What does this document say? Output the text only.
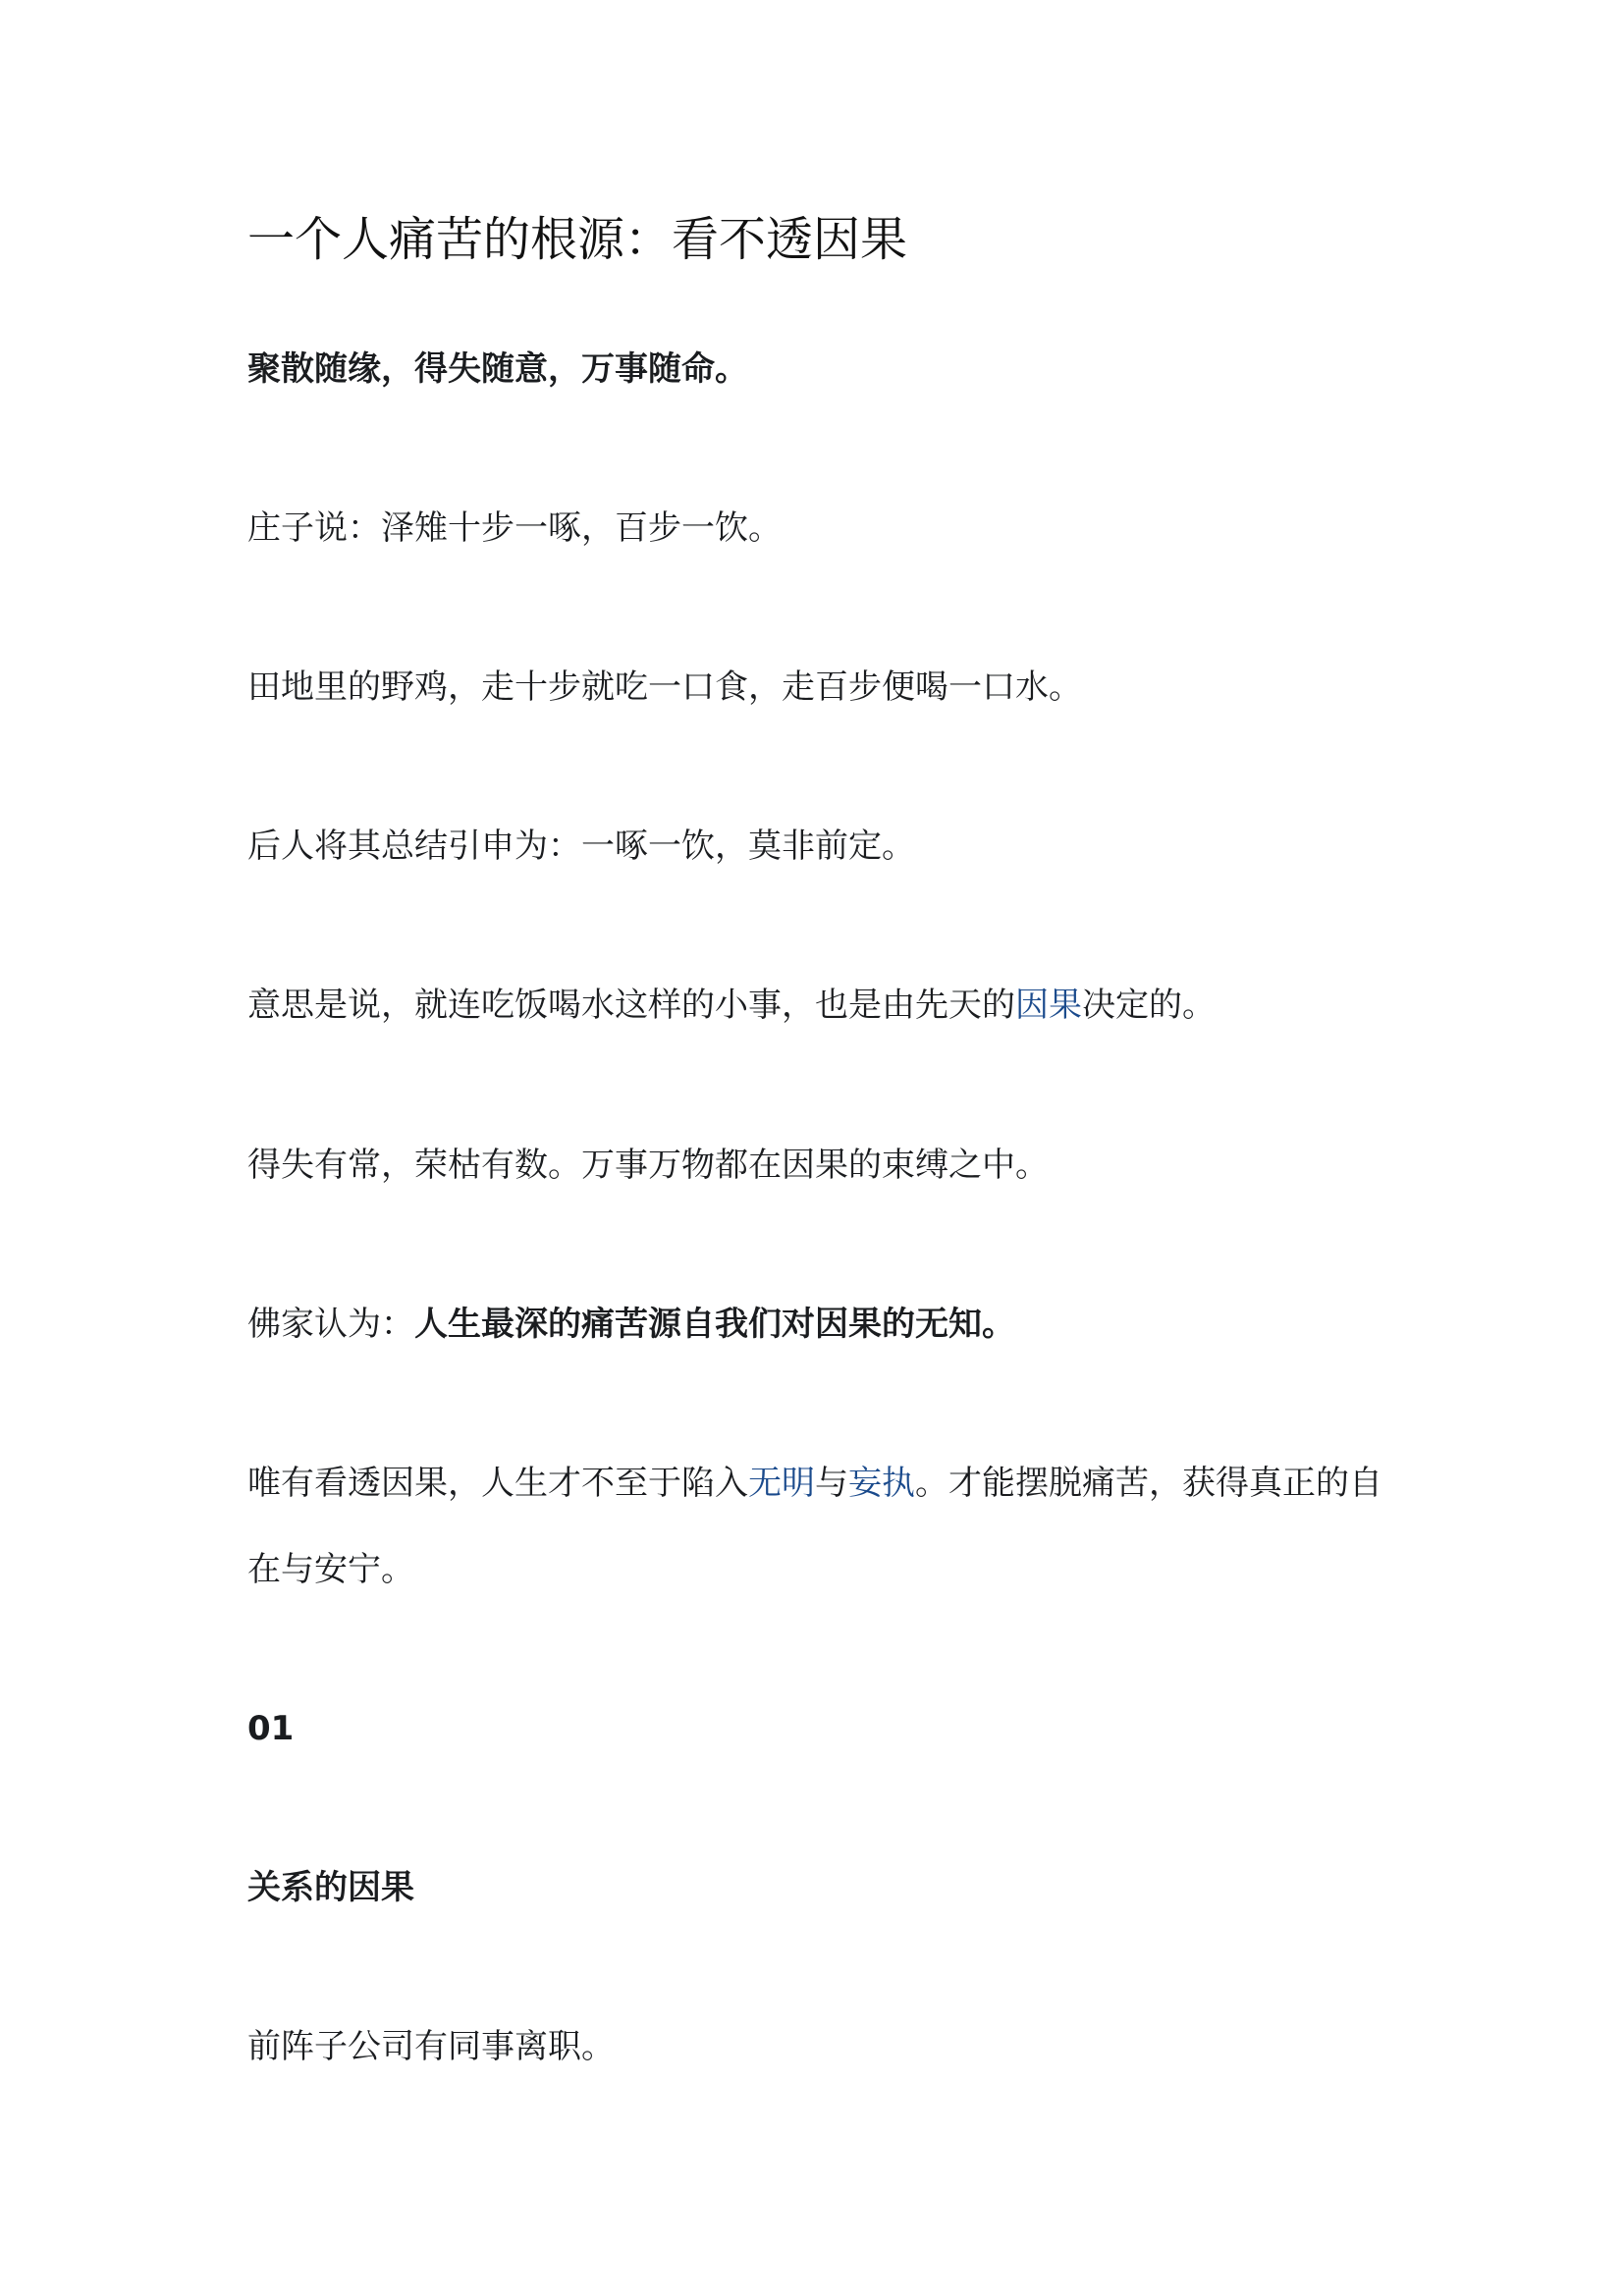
一个人痛苦的根源：看不透因果

聚散随缘，得失随意，万事随命。

庄子说：泽雉十步一啄，百步一饮。

田地里的野鸡，走十步就吃一口食，走百步便喝一口水。

后人将其总结引申为：一啄一饮，莫非前定。

意思是说，就连吃饭喝水这样的小事，也是由先天的因果决定的。

得失有常，荣枯有数。万事万物都在因果的束缚之中。

佛家认为：人生最深的痛苦源自我们对因果的无知。

唯有看透因果，人生才不至于陷入无明与妄执。才能摆脱痛苦，获得真正的自在与安宁。

01

关系的因果

前阵子公司有同事离职。
